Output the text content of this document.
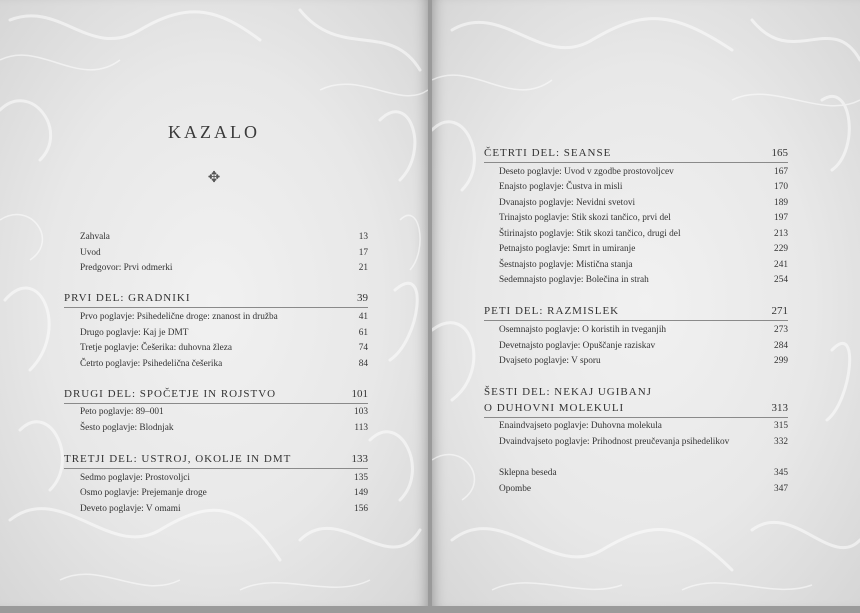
KAZALO
✥
Zahvala	13
Uvod	17
Predgovor: Prvi odmerki	21
PRVI DEL: GRADNIKI	39
Prvo poglavje: Psihedelične droge: znanost in družba	41
Drugo poglavje: Kaj je DMT	61
Tretje poglavje: Češerika: duhovna žleza	74
Četrto poglavje: Psihedelična češerika	84
DRUGI DEL: SPOČETJE IN ROJSTVO	101
Peto poglavje: 89–001	103
Šesto poglavje: Blodnjak	113
TRETJI DEL: USTROJ, OKOLJE IN DMT	133
Sedmo poglavje: Prostovoljci	135
Osmo poglavje: Prejemanje droge	149
Deveto poglavje: V omami	156
ČETRTI DEL: SEANSE	165
Deseto poglavje: Uvod v zgodbe prostovoljcev	167
Enajsto poglavje: Čustva in misli	170
Dvanajsto poglavje: Nevidni svetovi	189
Trinajsto poglavje: Stik skozi tančico, prvi del	197
Štirinajsto poglavje: Stik skozi tančico, drugi del	213
Petnajsto poglavje: Smrt in umiranje	229
Šestnajsto poglavje: Mistična stanja	241
Sedemnajsto poglavje: Bolečina in strah	254
PETI DEL: RAZMISLEK	271
Osemnajsto poglavje: O koristih in tveganjih	273
Devetnajsto poglavje: Opuščanje raziskav	284
Dvajseto poglavje: V sporu	299
ŠESTI DEL: NEKAJ UGIBANJ
O DUHOVNI MOLEKULI	313
Enaindvajseto poglavje: Duhovna molekula	315
Dvaindvajseto poglavje: Prihodnost preučevanja psihedelikov	332
Sklepna beseda	345
Opombe	347
